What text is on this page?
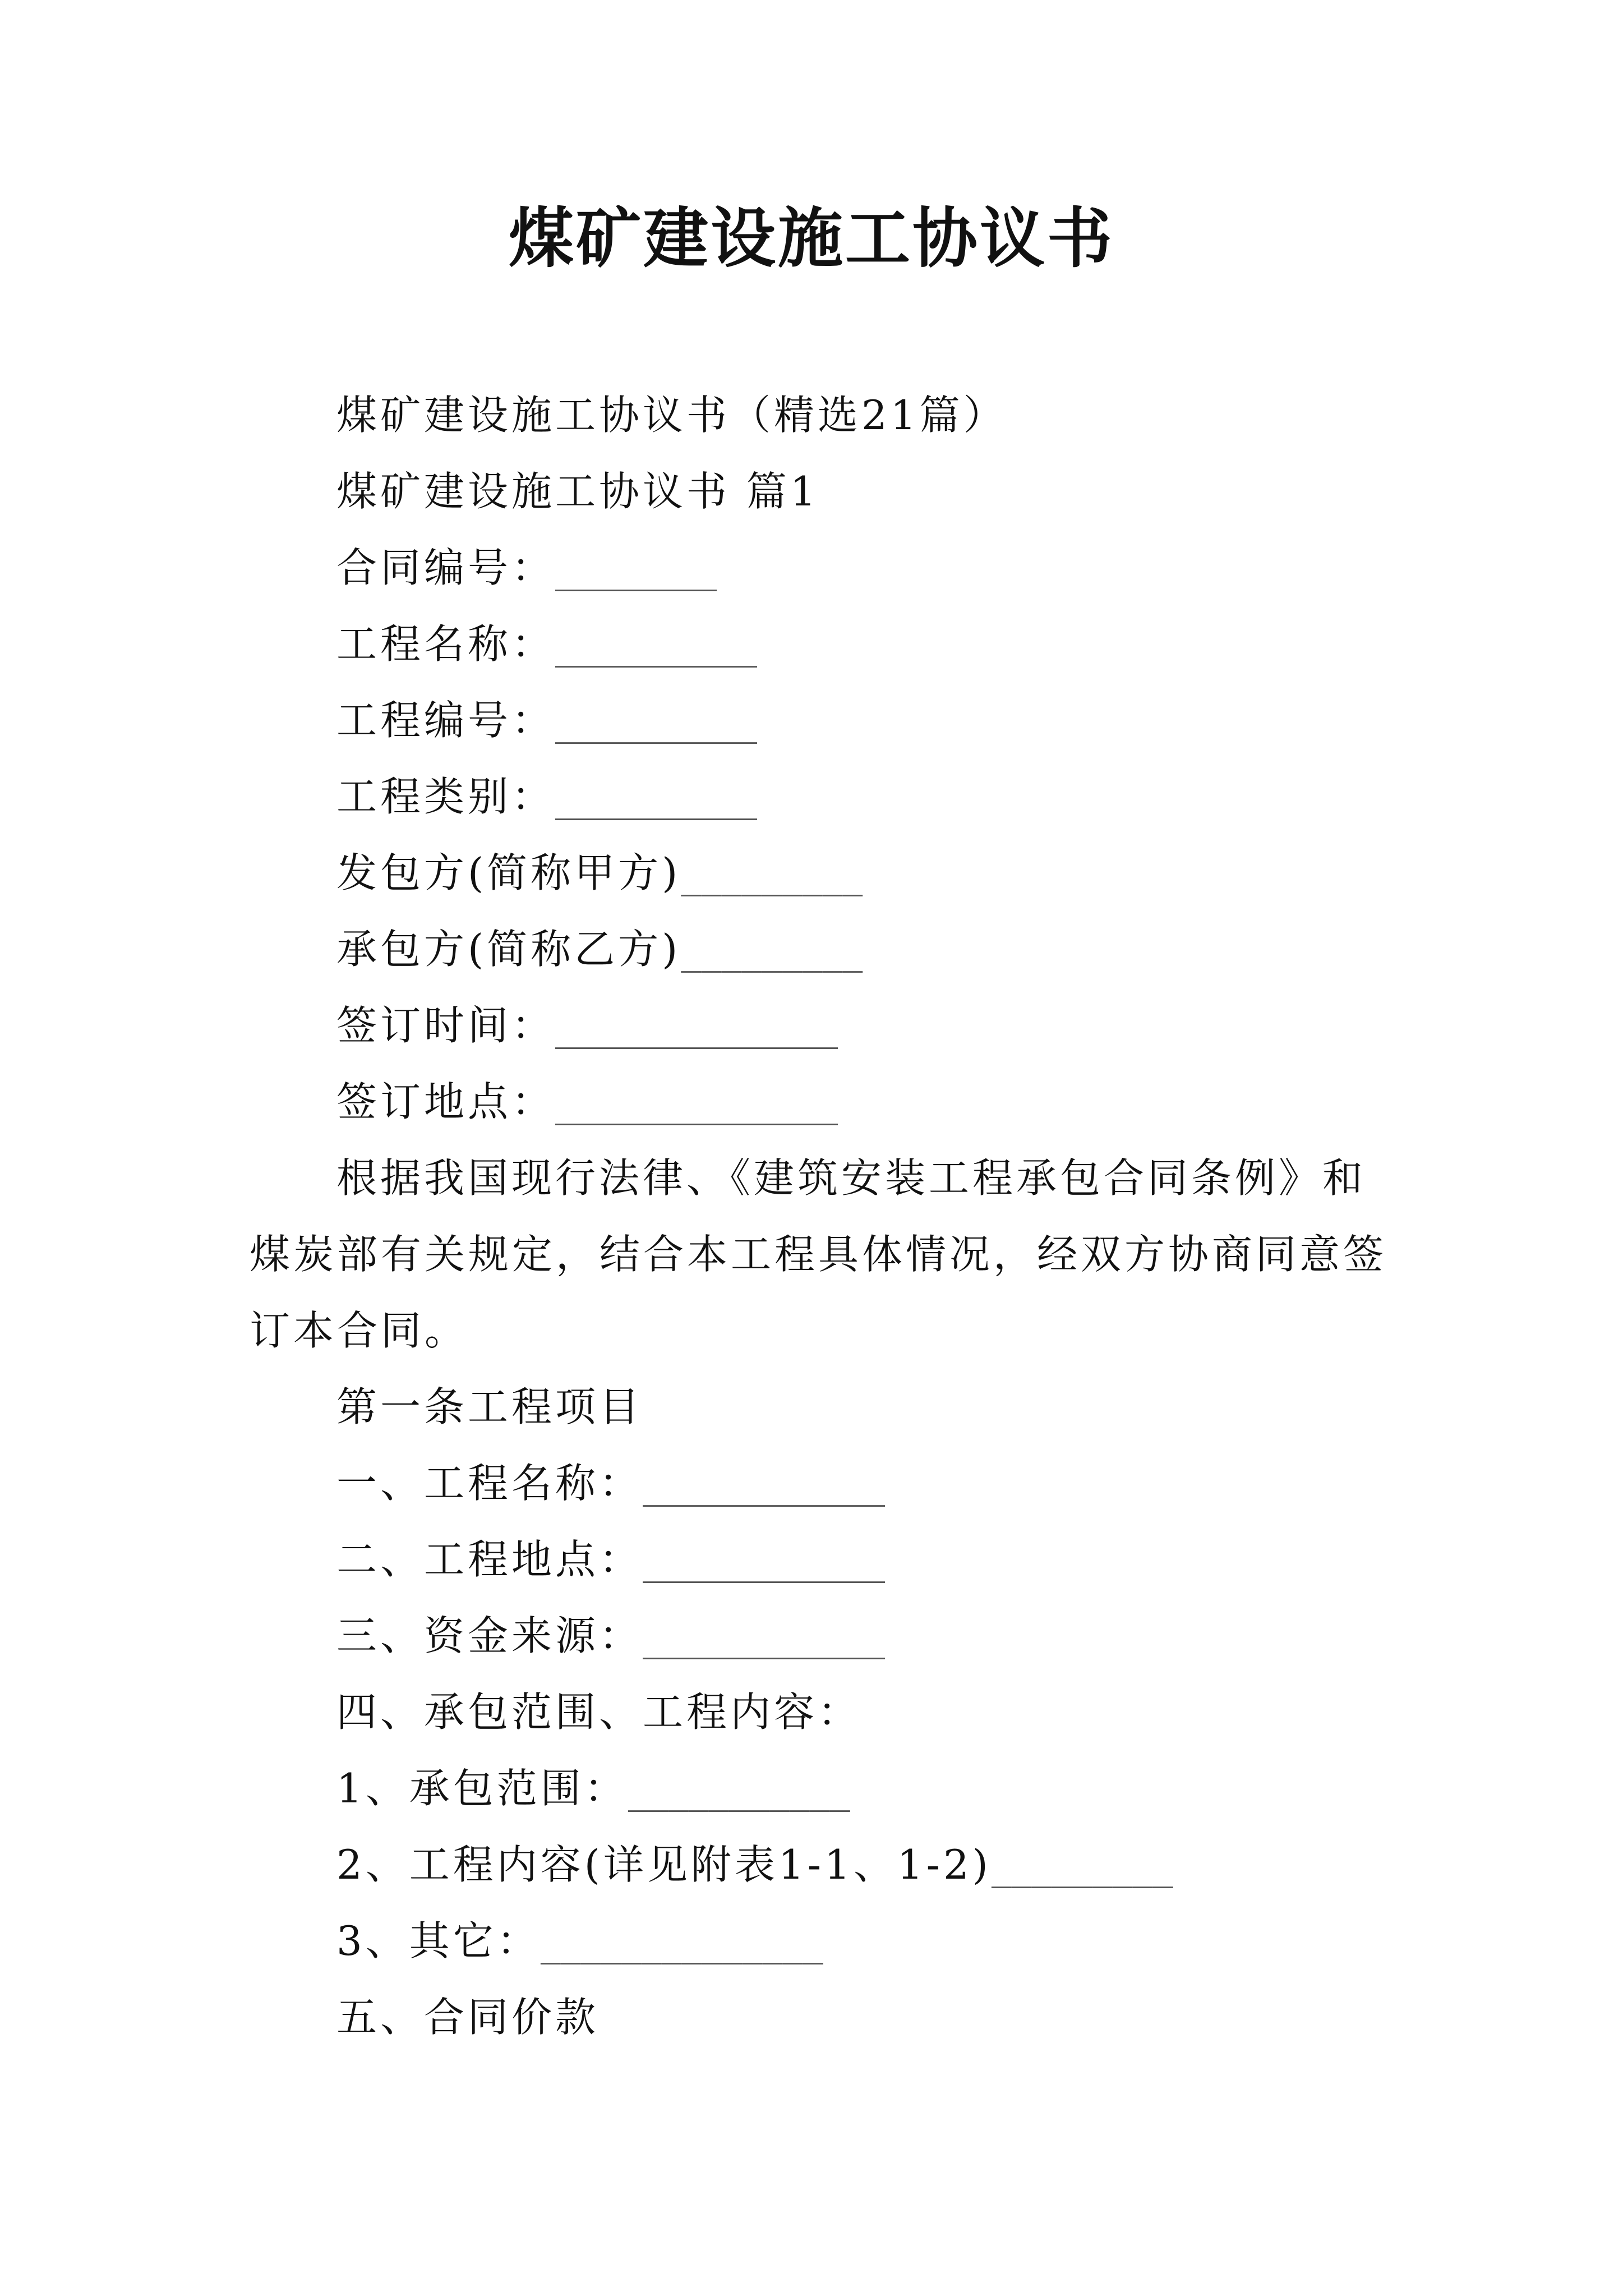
煤矿建设施工协议书
煤矿建设施工协议书（精选21篇）
煤矿建设施工协议书 篇1
合同编号：________
工程名称：__________
工程编号：__________
工程类别：__________
发包方(简称甲方)_________
承包方(简称乙方)_________
签订时间：______________
签订地点：______________
根据我国现行法律、《建筑安装工程承包合同条例》和煤炭部有关规定，结合本工程具体情况，经双方协商同意签订本合同。
第一条工程项目
一、工程名称：____________
二、工程地点：____________
三、资金来源：____________
四、承包范围、工程内容：
1、承包范围：___________
2、工程内容(详见附表1-1、1-2)_________
3、其它：______________
五、合同价款
